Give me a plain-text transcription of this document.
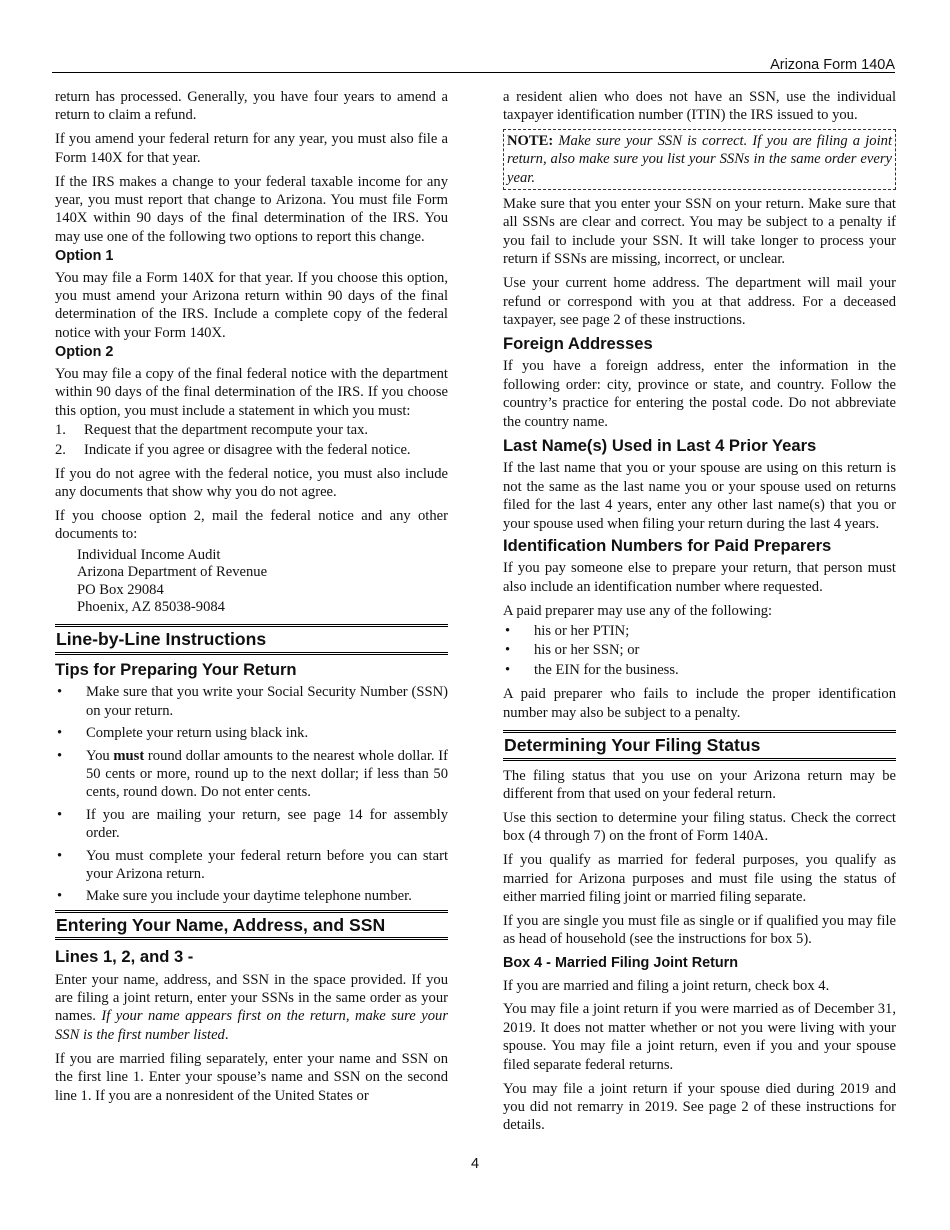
Arizona Form 140A

return has processed. Generally, you have four years to amend a return to claim a refund.

If you amend your federal return for any year, you must also file a Form 140X for that year.

If the IRS makes a change to your federal taxable income for any year, you must report that change to Arizona. You must file Form 140X within 90 days of the final determination of the IRS. You may use one of the following two options to report this change.

Option 1

You may file a Form 140X for that year. If you choose this option, you must amend your Arizona return within 90 days of the final determination of the IRS. Include a complete copy of the federal notice with your Form 140X.

Option 2

You may file a copy of the final federal notice with the department within 90 days of the final determination of the IRS. If you choose this option, you must include a statement in which you must:

1.	Request that the department recompute your tax.
2.	Indicate if you agree or disagree with the federal notice.

If you do not agree with the federal notice, you must also include any documents that show why you do not agree.

If you choose option 2, mail the federal notice and any other documents to:

Individual Income Audit
Arizona Department of Revenue
PO Box 29084
Phoenix, AZ 85038-9084
Line-by-Line Instructions
Tips for Preparing Your Return
•	Make sure that you write your Social Security Number (SSN) on your return.
•	Complete your return using black ink.
•	You must round dollar amounts to the nearest whole dollar. If 50 cents or more, round up to the next dollar; if less than 50 cents, round down. Do not enter cents.
•	If you are mailing your return, see page 14 for assembly order.
•	You must complete your federal return before you can start your Arizona return.
•	Make sure you include your daytime telephone number.
Entering Your Name, Address, and SSN
Lines 1, 2, and 3 -

Enter your name, address, and SSN in the space provided. If you are filing a joint return, enter your SSNs in the same order as your names. If your name appears first on the return, make sure your SSN is the first number listed.

If you are married filing separately, enter your name and SSN on the first line 1. Enter your spouse’s name and SSN on the second line 1. If you are a nonresident of the United States or

a resident alien who does not have an SSN, use the individual taxpayer identification number (ITIN) the IRS issued to you.

NOTE: Make sure your SSN is correct. If you are filing a joint return, also make sure you list your SSNs in the same order every year.

Make sure that you enter your SSN on your return. Make sure that all SSNs are clear and correct. You may be subject to a penalty if you fail to include your SSN. It will take longer to process your return if SSNs are missing, incorrect, or unclear.

Use your current home address. The department will mail your refund or correspond with you at that address. For a deceased taxpayer, see page 2 of these instructions.

Foreign Addresses

If you have a foreign address, enter the information in the following order: city, province or state, and country. Follow the country’s practice for entering the postal code. Do not abbreviate the country name.

Last Name(s) Used in Last 4 Prior Years

If the last name that you or your spouse are using on this return is not the same as the last name you or your spouse used on returns filed for the last 4 years, enter any other last name(s) that you or your spouse used when filing your return during the last 4 years.

Identification Numbers for Paid Preparers

If you pay someone else to prepare your return, that person must also include an identification number where requested.

A paid preparer may use any of the following:

•	his or her PTIN;
•	his or her SSN; or
•	the EIN for the business.

A paid preparer who fails to include the proper identification number may also be subject to a penalty.

Determining Your Filing Status

The filing status that you use on your Arizona return may be different from that used on your federal return.

Use this section to determine your filing status. Check the correct box (4 through 7) on the front of Form 140A.

If you qualify as married for federal purposes, you qualify as married for Arizona purposes and must file using the status of either married filing joint or married filing separate.

If you are single you must file as single or if qualified you may file as head of household (see the instructions for box 5).

Box 4 - Married Filing Joint Return

If you are married and filing a joint return, check box 4.

You may file a joint return if you were married as of December 31, 2019. It does not matter whether or not you were living with your spouse. You may file a joint return, even if you and your spouse filed separate federal returns.

You may file a joint return if your spouse died during 2019 and you did not remarry in 2019. See page 2 of these instructions for details.

4
